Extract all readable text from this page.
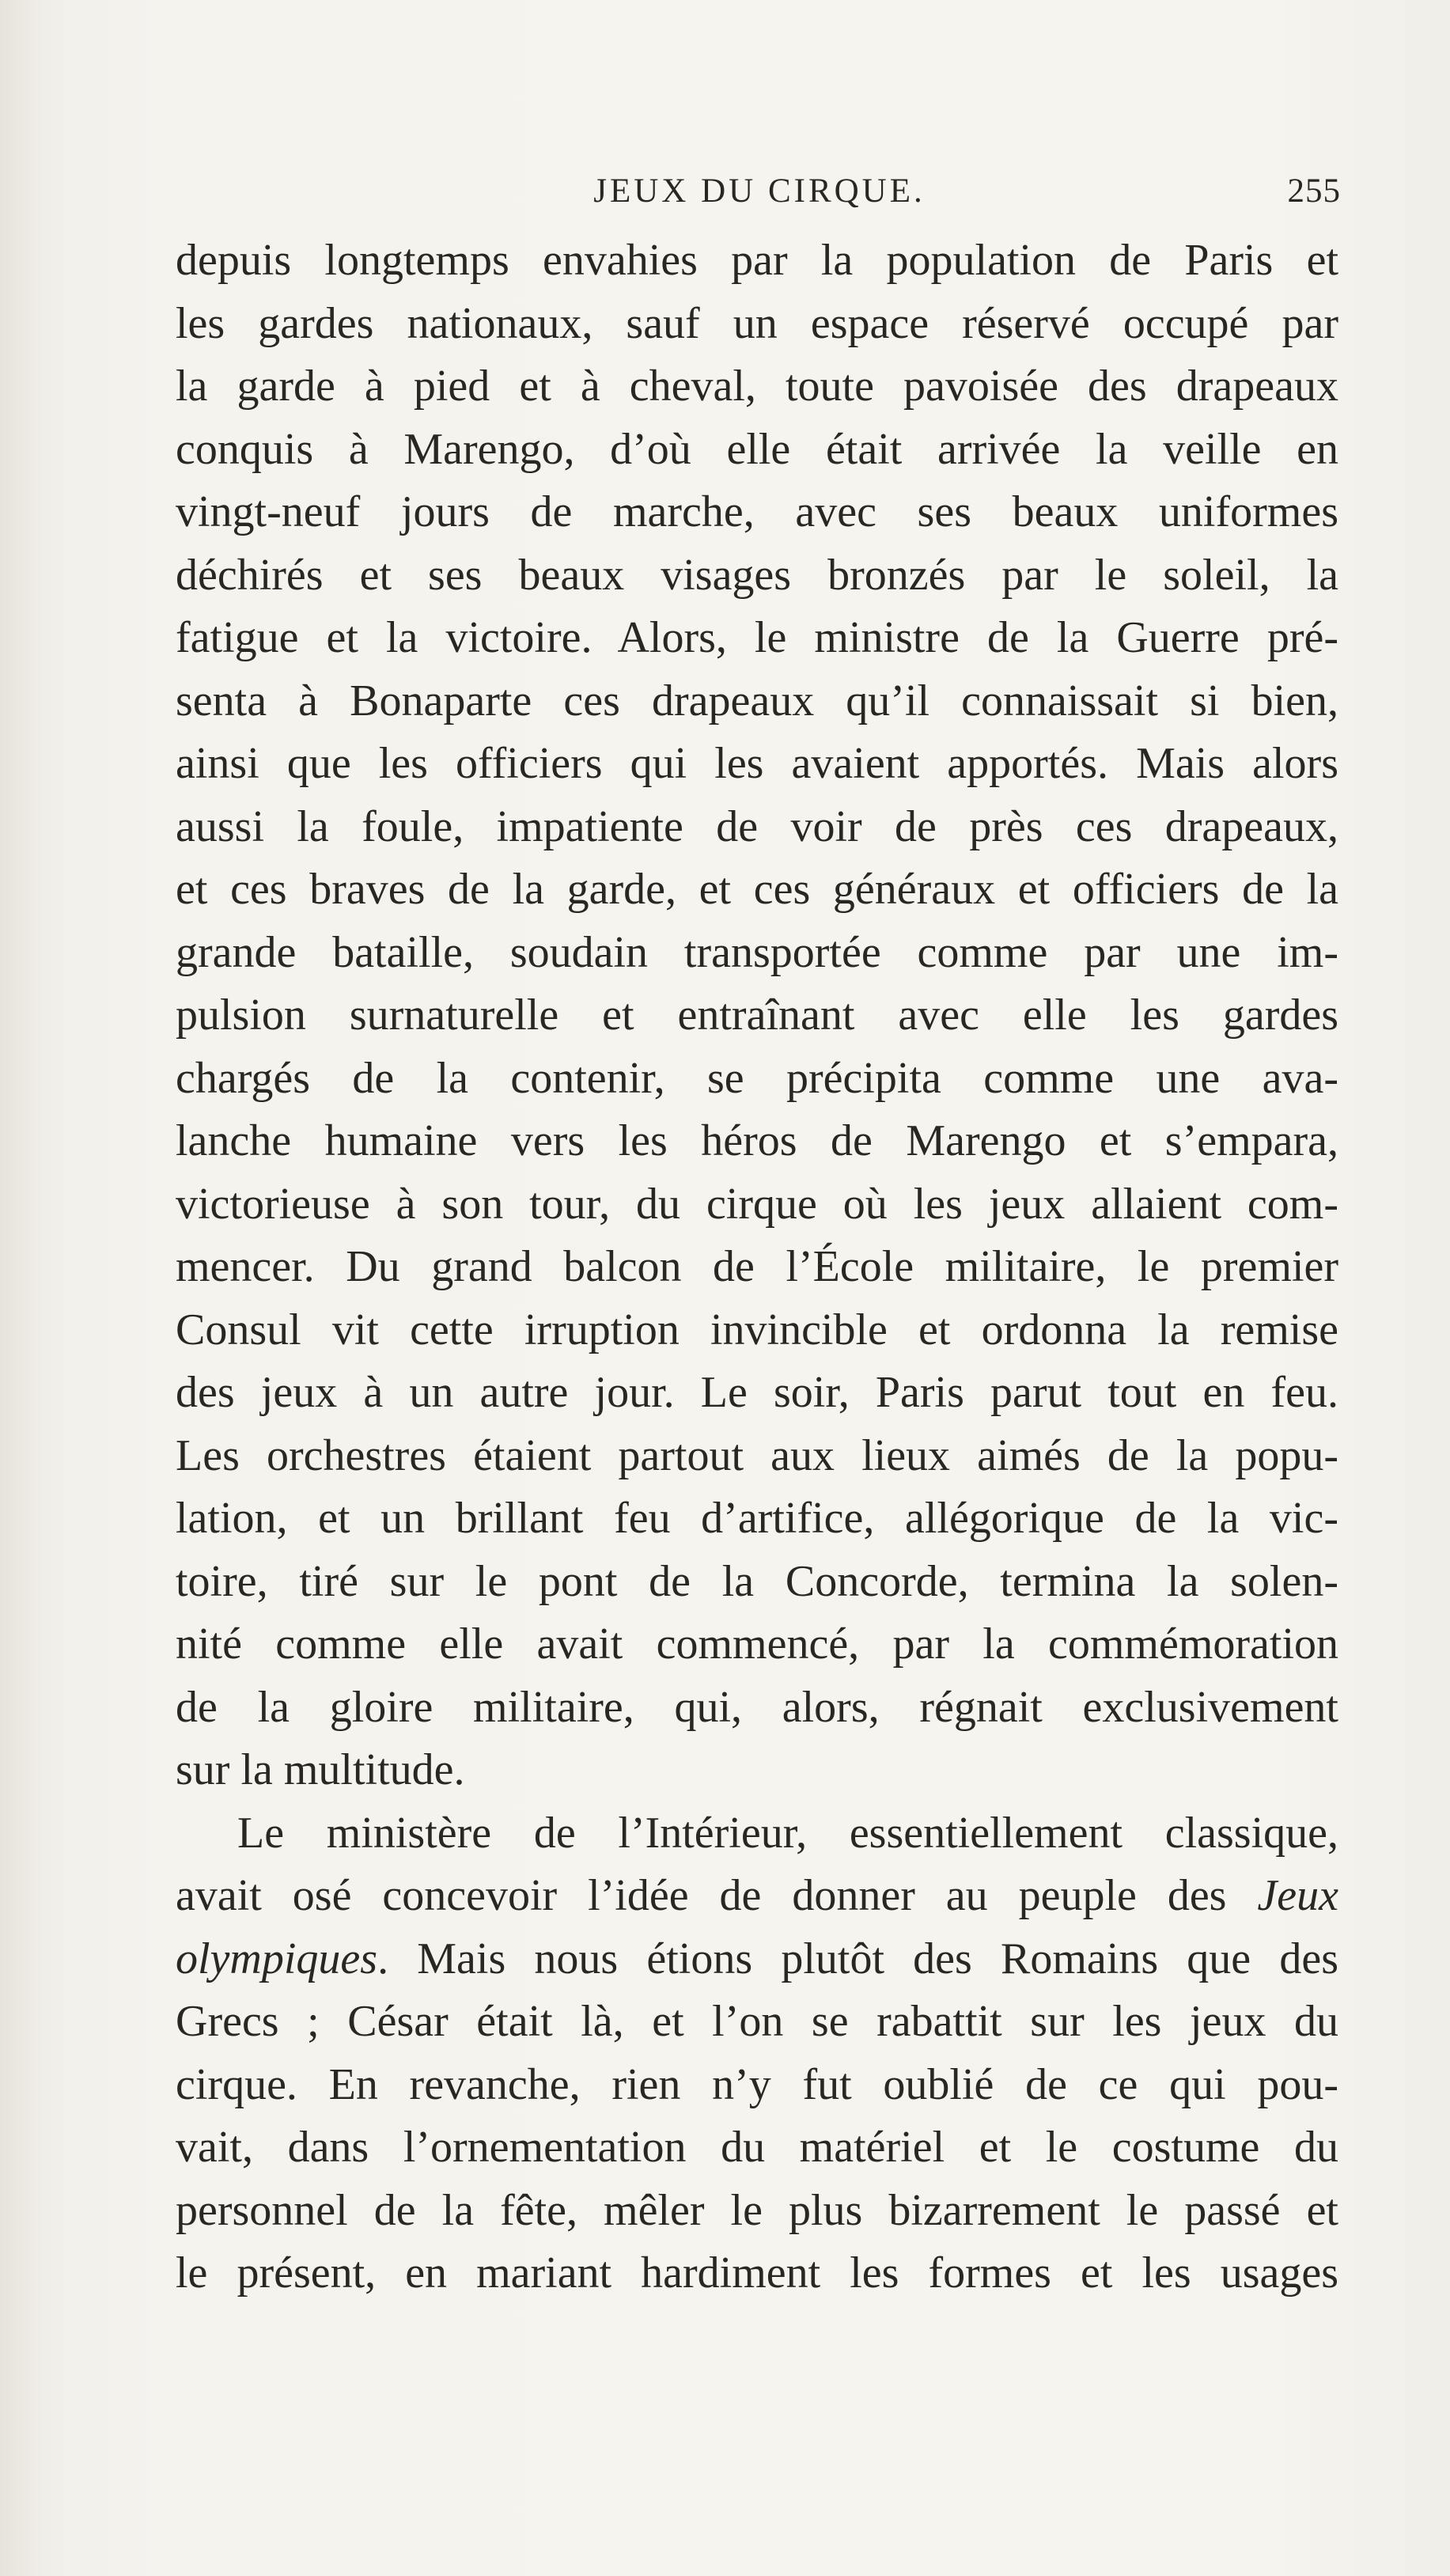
JEUX DU CIRQUE.	255
depuis longtemps envahies par la population de Paris et
les gardes nationaux, sauf un espace réservé occupé par
la garde à pied et à cheval, toute pavoisée des drapeaux
conquis à Marengo, d’où elle était arrivée la veille en
vingt-neuf jours de marche, avec ses beaux uniformes
déchirés et ses beaux visages bronzés par le soleil, la
fatigue et la victoire. Alors, le ministre de la Guerre pré-
senta à Bonaparte ces drapeaux qu’il connaissait si bien,
ainsi que les officiers qui les avaient apportés. Mais alors
aussi la foule, impatiente de voir de près ces drapeaux,
et ces braves de la garde, et ces généraux et officiers de la
grande bataille, soudain transportée comme par une im-
pulsion surnaturelle et entraînant avec elle les gardes
chargés de la contenir, se précipita comme une ava-
lanche humaine vers les héros de Marengo et s’empara,
victorieuse à son tour, du cirque où les jeux allaient com-
mencer. Du grand balcon de l’École militaire, le premier
Consul vit cette irruption invincible et ordonna la remise
des jeux à un autre jour. Le soir, Paris parut tout en feu.
Les orchestres étaient partout aux lieux aimés de la popu-
lation, et un brillant feu d’artifice, allégorique de la vic-
toire, tiré sur le pont de la Concorde, termina la solen-
nité comme elle avait commencé, par la commémoration
de la gloire militaire, qui, alors, régnait exclusivement
sur la multitude.
Le ministère de l’Intérieur, essentiellement classique,
avait osé concevoir l’idée de donner au peuple des Jeux
olympiques. Mais nous étions plutôt des Romains que des
Grecs ; César était là, et l’on se rabattit sur les jeux du
cirque. En revanche, rien n’y fut oublié de ce qui pou-
vait, dans l’ornementation du matériel et le costume du
personnel de la fête, mêler le plus bizarrement le passé et
le présent, en mariant hardiment les formes et les usages
